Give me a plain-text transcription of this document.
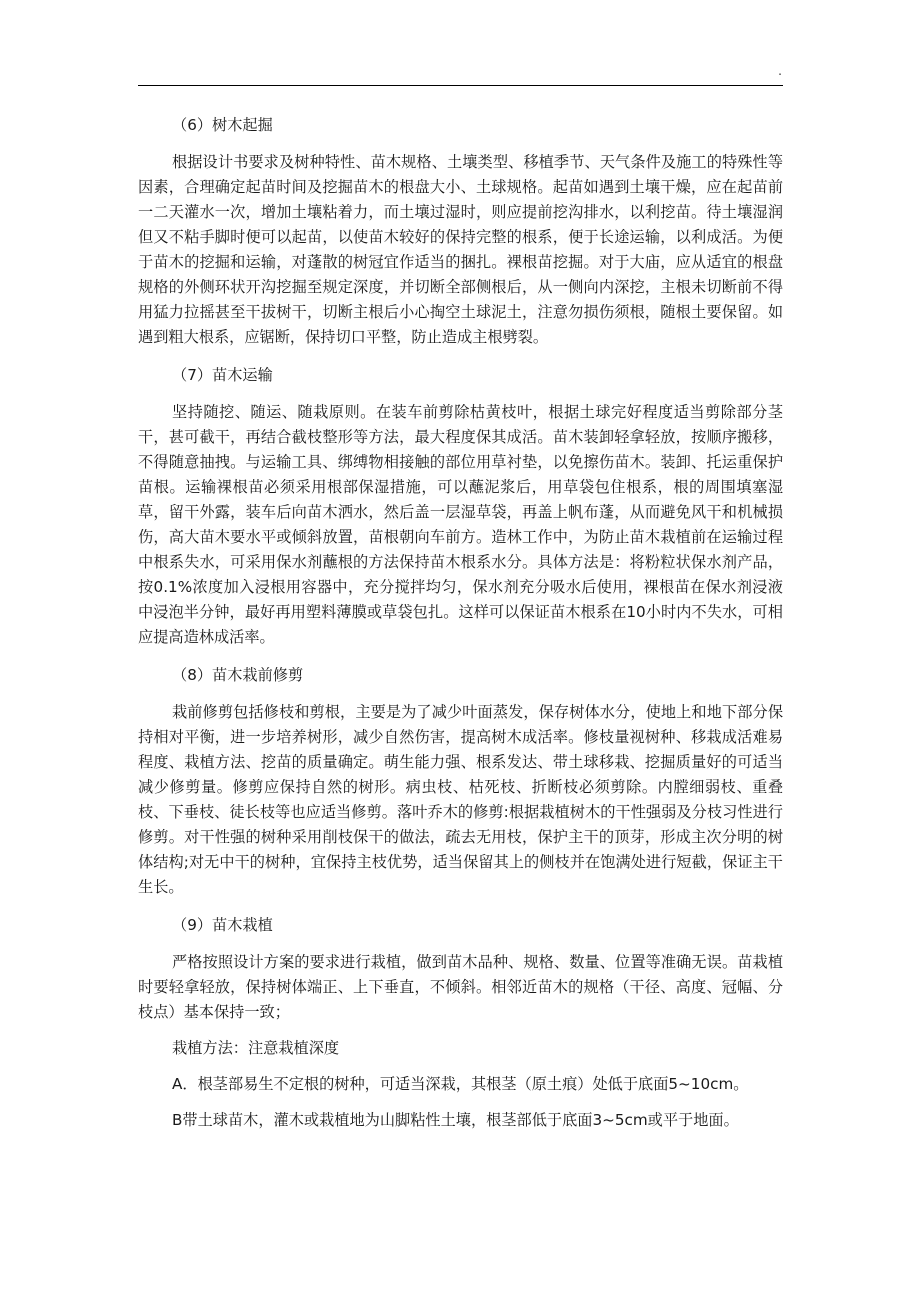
.

（6）树木起掘

根据设计书要求及树种特性、苗木规格、土壤类型、移植季节、天气条件及施工的特殊性等因素，合理确定起苗时间及挖掘苗木的根盘大小、土球规格。起苗如遇到土壤干燥，应在起苗前一二天灌水一次，增加土壤粘着力，而土壤过湿时，则应提前挖沟排水，以利挖苗。待土壤湿润但又不粘手脚时便可以起苗，以使苗木较好的保持完整的根系，便于长途运输，以利成活。为便于苗木的挖掘和运输，对蓬散的树冠宜作适当的捆扎。裸根苗挖掘。对于大庙，应从适宜的根盘规格的外侧环状开沟挖掘至规定深度，并切断全部侧根后，从一侧向内深挖，主根未切断前不得用猛力拉摇甚至干拔树干，切断主根后小心掏空土球泥土，注意勿损伤须根，随根土要保留。如遇到粗大根系，应锯断，保持切口平整，防止造成主根劈裂。

（7）苗木运输

坚持随挖、随运、随栽原则。在装车前剪除枯黄枝叶，根据土球完好程度适当剪除部分茎干，甚可截干，再结合截枝整形等方法，最大程度保其成活。苗木装卸轻拿轻放，按顺序搬移，不得随意抽拽。与运输工具、绑缚物相接触的部位用草衬垫，以免擦伤苗木。装卸、托运重保护苗根。运输裸根苗必须采用根部保湿措施，可以蘸泥浆后，用草袋包住根系，根的周围填塞湿草，留干外露，装车后向苗木洒水，然后盖一层湿草袋，再盖上帆布蓬，从而避免风干和机械损伤，高大苗木要水平或倾斜放置，苗根朝向车前方。造林工作中，为防止苗木栽植前在运输过程中根系失水，可采用保水剂蘸根的方法保持苗木根系水分。具体方法是：将粉粒状保水剂产品，按0.1%浓度加入浸根用容器中，充分搅拌均匀，保水剂充分吸水后使用，裸根苗在保水剂浸液中浸泡半分钟，最好再用塑料薄膜或草袋包扎。这样可以保证苗木根系在10小时内不失水，可相应提高造林成活率。

（8）苗木栽前修剪

栽前修剪包括修枝和剪根，主要是为了减少叶面蒸发，保存树体水分，使地上和地下部分保持相对平衡，进一步培养树形，减少自然伤害，提高树木成活率。修枝量视树种、移栽成活难易程度、栽植方法、挖苗的质量确定。萌生能力强、根系发达、带土球移栽、挖掘质量好的可适当减少修剪量。修剪应保持自然的树形。病虫枝、枯死枝、折断枝必须剪除。内膛细弱枝、重叠枝、下垂枝、徒长枝等也应适当修剪。落叶乔木的修剪:根据栽植树木的干性强弱及分枝习性进行修剪。对干性强的树种采用削枝保干的做法，疏去无用枝，保护主干的顶芽，形成主次分明的树体结构;对无中干的树种，宜保持主枝优势，适当保留其上的侧枝并在饱满处进行短截，保证主干生长。

（9）苗木栽植

严格按照设计方案的要求进行栽植，做到苗木品种、规格、数量、位置等准确无误。苗栽植时要轻拿轻放，保持树体端正、上下垂直，不倾斜。相邻近苗木的规格（干径、高度、冠幅、分枝点）基本保持一致；

栽植方法：注意栽植深度

A．根茎部易生不定根的树种，可适当深栽，其根茎（原土痕）处低于底面5~10cm。

B带土球苗木，灌木或栽植地为山脚粘性土壤，根茎部低于底面3~5cm或平于地面。
